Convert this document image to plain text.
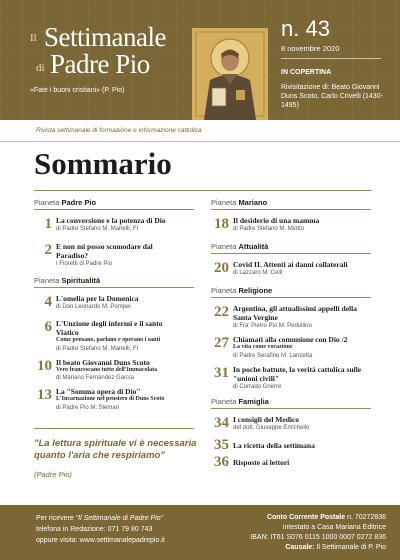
Il Settimanale
di Padre Pio
«Fate i buoni cristiani» (P. Pio)
n. 43
8 novembre 2020
IN COPERTINA
Rivisitazione di: Beato Giovanni Duns Scoto, Carlo Crivelli (1430-1495)
Rivista settimanale di formazione e informazione cattolica
Sommario
Pianeta Padre Pio
1 La conversione e la potenza di Dio
di Padre Stefano M. Manelli, FI
2 E non mi posso scomodare dal Paradiso?
I Fioretti di Padre Pio
Pianeta Spiritualità
4 L'omelia per la Domenica
di Don Leonardo M. Pompei
6 L'Unzione degli infermi e il santo Viatico
Come pensano, parlano e operano i santi
di Padre Stefano M. Manelli, FI
10 Il beato Giovanni Duns Scoto
Vero francescano tutto dell'Immacolata
di Mariano Fernández García
13 La "Somma opera di Dio"
L'Incarnazione nel pensiero di Duns Scoto
di Padre Pio M. Sleman
Pianeta Mariano
18 Il desiderio di una mamma
di Padre Stefano M. Miotto
Pianeta Attualità
20 Covid II. Attenti ai danni collaterali
di Lazzaro M. Celli
Pianeta Religione
22 Argentina, gli attualissimi appelli della Santa Vergine
di Fra' Pietro Pio M. Pedullino
27 Chiamati alla comunione con Dio /2
La vita come vocazione
di Padre Serafino M. Lanzetta
31 In poche battute, la verità cattolica sulle "unioni civili"
di Corrado Gnerre
Pianeta Famiglia
34 I consigli del Medico
del dott. Giuseppe Emichello
35 La ricetta della settimana
36 Risposte ai lettori
"La lettura spirituale vi è necessaria quanto l'aria che respiriamo"
(Padre Pio)
Per ricevere "Il Settimanale di Padre Pio"
telefona in Redazione: 071 79 80 743
oppure visita: www.settimanalepadrepio.it
Conto Corrente Postale n. 70272836
intestato a Casa Mariana Editrice
IBAN: IT61 S076 0115 1000 0007 0272 836
Causale: Il Settimanale di P. Pio
